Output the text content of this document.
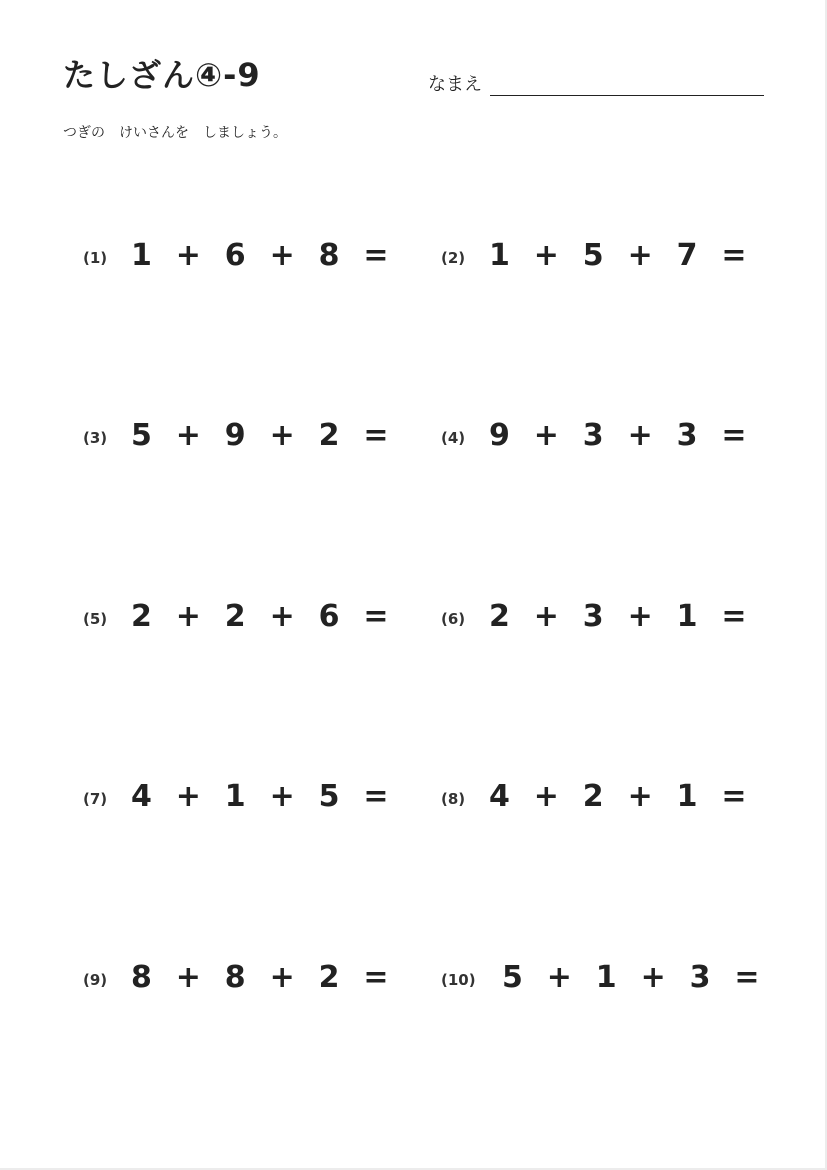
たしざん④-9	なまえ
つぎの　けいさんを　しましょう。
(1) 1 + 6 + 8 =	(2) 1 + 5 + 7 =
(3) 5 + 9 + 2 =	(4) 9 + 3 + 3 =
(5) 2 + 2 + 6 =	(6) 2 + 3 + 1 =
(7) 4 + 1 + 5 =	(8) 4 + 2 + 1 =
(9) 8 + 8 + 2 =	(10) 5 + 1 + 3 =
